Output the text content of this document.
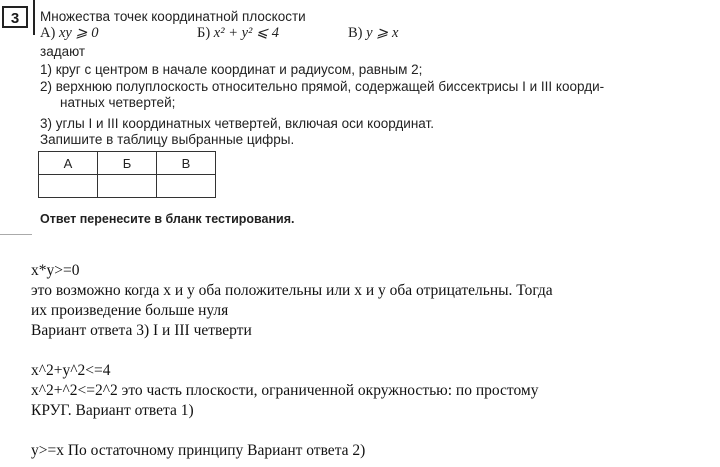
3	Множества точек координатной плоскости
А) xy ⩾ 0	Б) x² + y² ⩽ 4	В) y ⩾ x
задают
1) круг с центром в начале координат и радиусом, равным 2;
2) верхнюю полуплоскость относительно прямой, содержащей биссектрисы I и III коорди-
натных четвертей;
3) углы I и III координатных четвертей, включая оси координат.
Запишите в таблицу выбранные цифры.
А	Б	В

Ответ перенесите в бланк тестирования.
x*y>=0
это возможно когда x и y оба положительны или x и y оба отрицательны. Тогда
их произведение больше нуля
Вариант ответа 3) I и III четверти
x^2+y^2<=4
x^2+^2<=2^2 это часть плоскости, ограниченной окружностью: по простому
КРУГ. Вариант ответа 1)
y>=x По остаточному принципу Вариант ответа 2)
